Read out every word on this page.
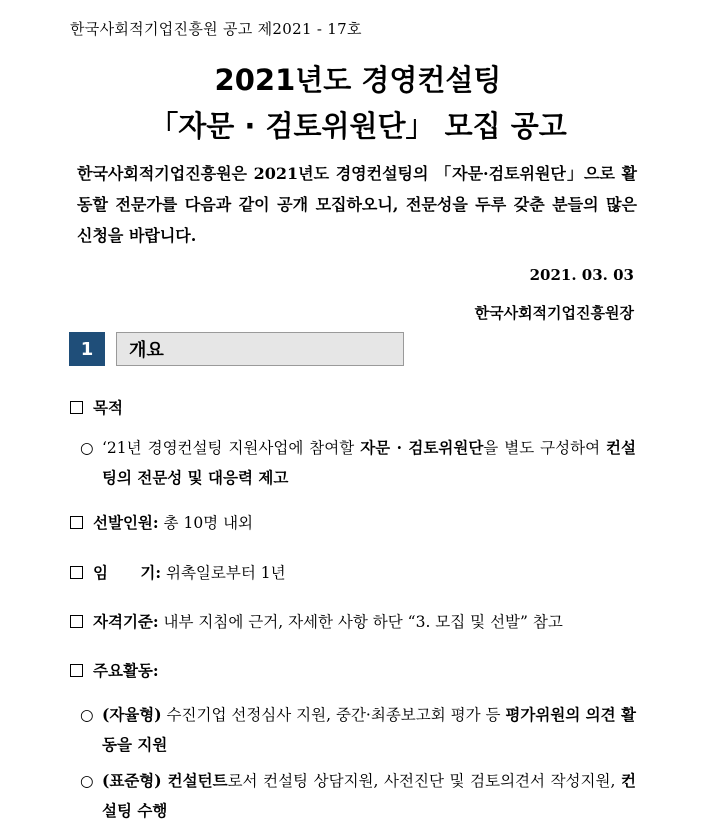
한국사회적기업진흥원 공고 제2021 - 17호
2021년도 경영컨설팅
「자문 · 검토위원단」 모집 공고
한국사회적기업진흥원은 2021년도 경영컨설팅의 「자문·검토위원단」으로 활동할 전문가를 다음과 같이 공개 모집하오니, 전문성을 두루 갖춘 분들의 많은 신청을 바랍니다.
2021. 03. 03
한국사회적기업진흥원장
1	개요
목적
○ ‘21년 경영컨설팅 지원사업에 참여할 자문 · 검토위원단을 별도 구성하여 컨설팅의 전문성 및 대응력 제고
선발인원: 총 10명 내외
임      기: 위촉일로부터 1년
자격기준: 내부 지침에 근거, 자세한 사항 하단 “3. 모집 및 선발” 참고
주요활동:
○ (자율형) 수진기업 선정심사 지원, 중간·최종보고회 평가 등 평가위원의 의견 활동을 지원
○ (표준형) 컨설턴트로서 컨설팅 상담지원, 사전진단 및 검토의견서 작성지원, 컨설팅 수행
